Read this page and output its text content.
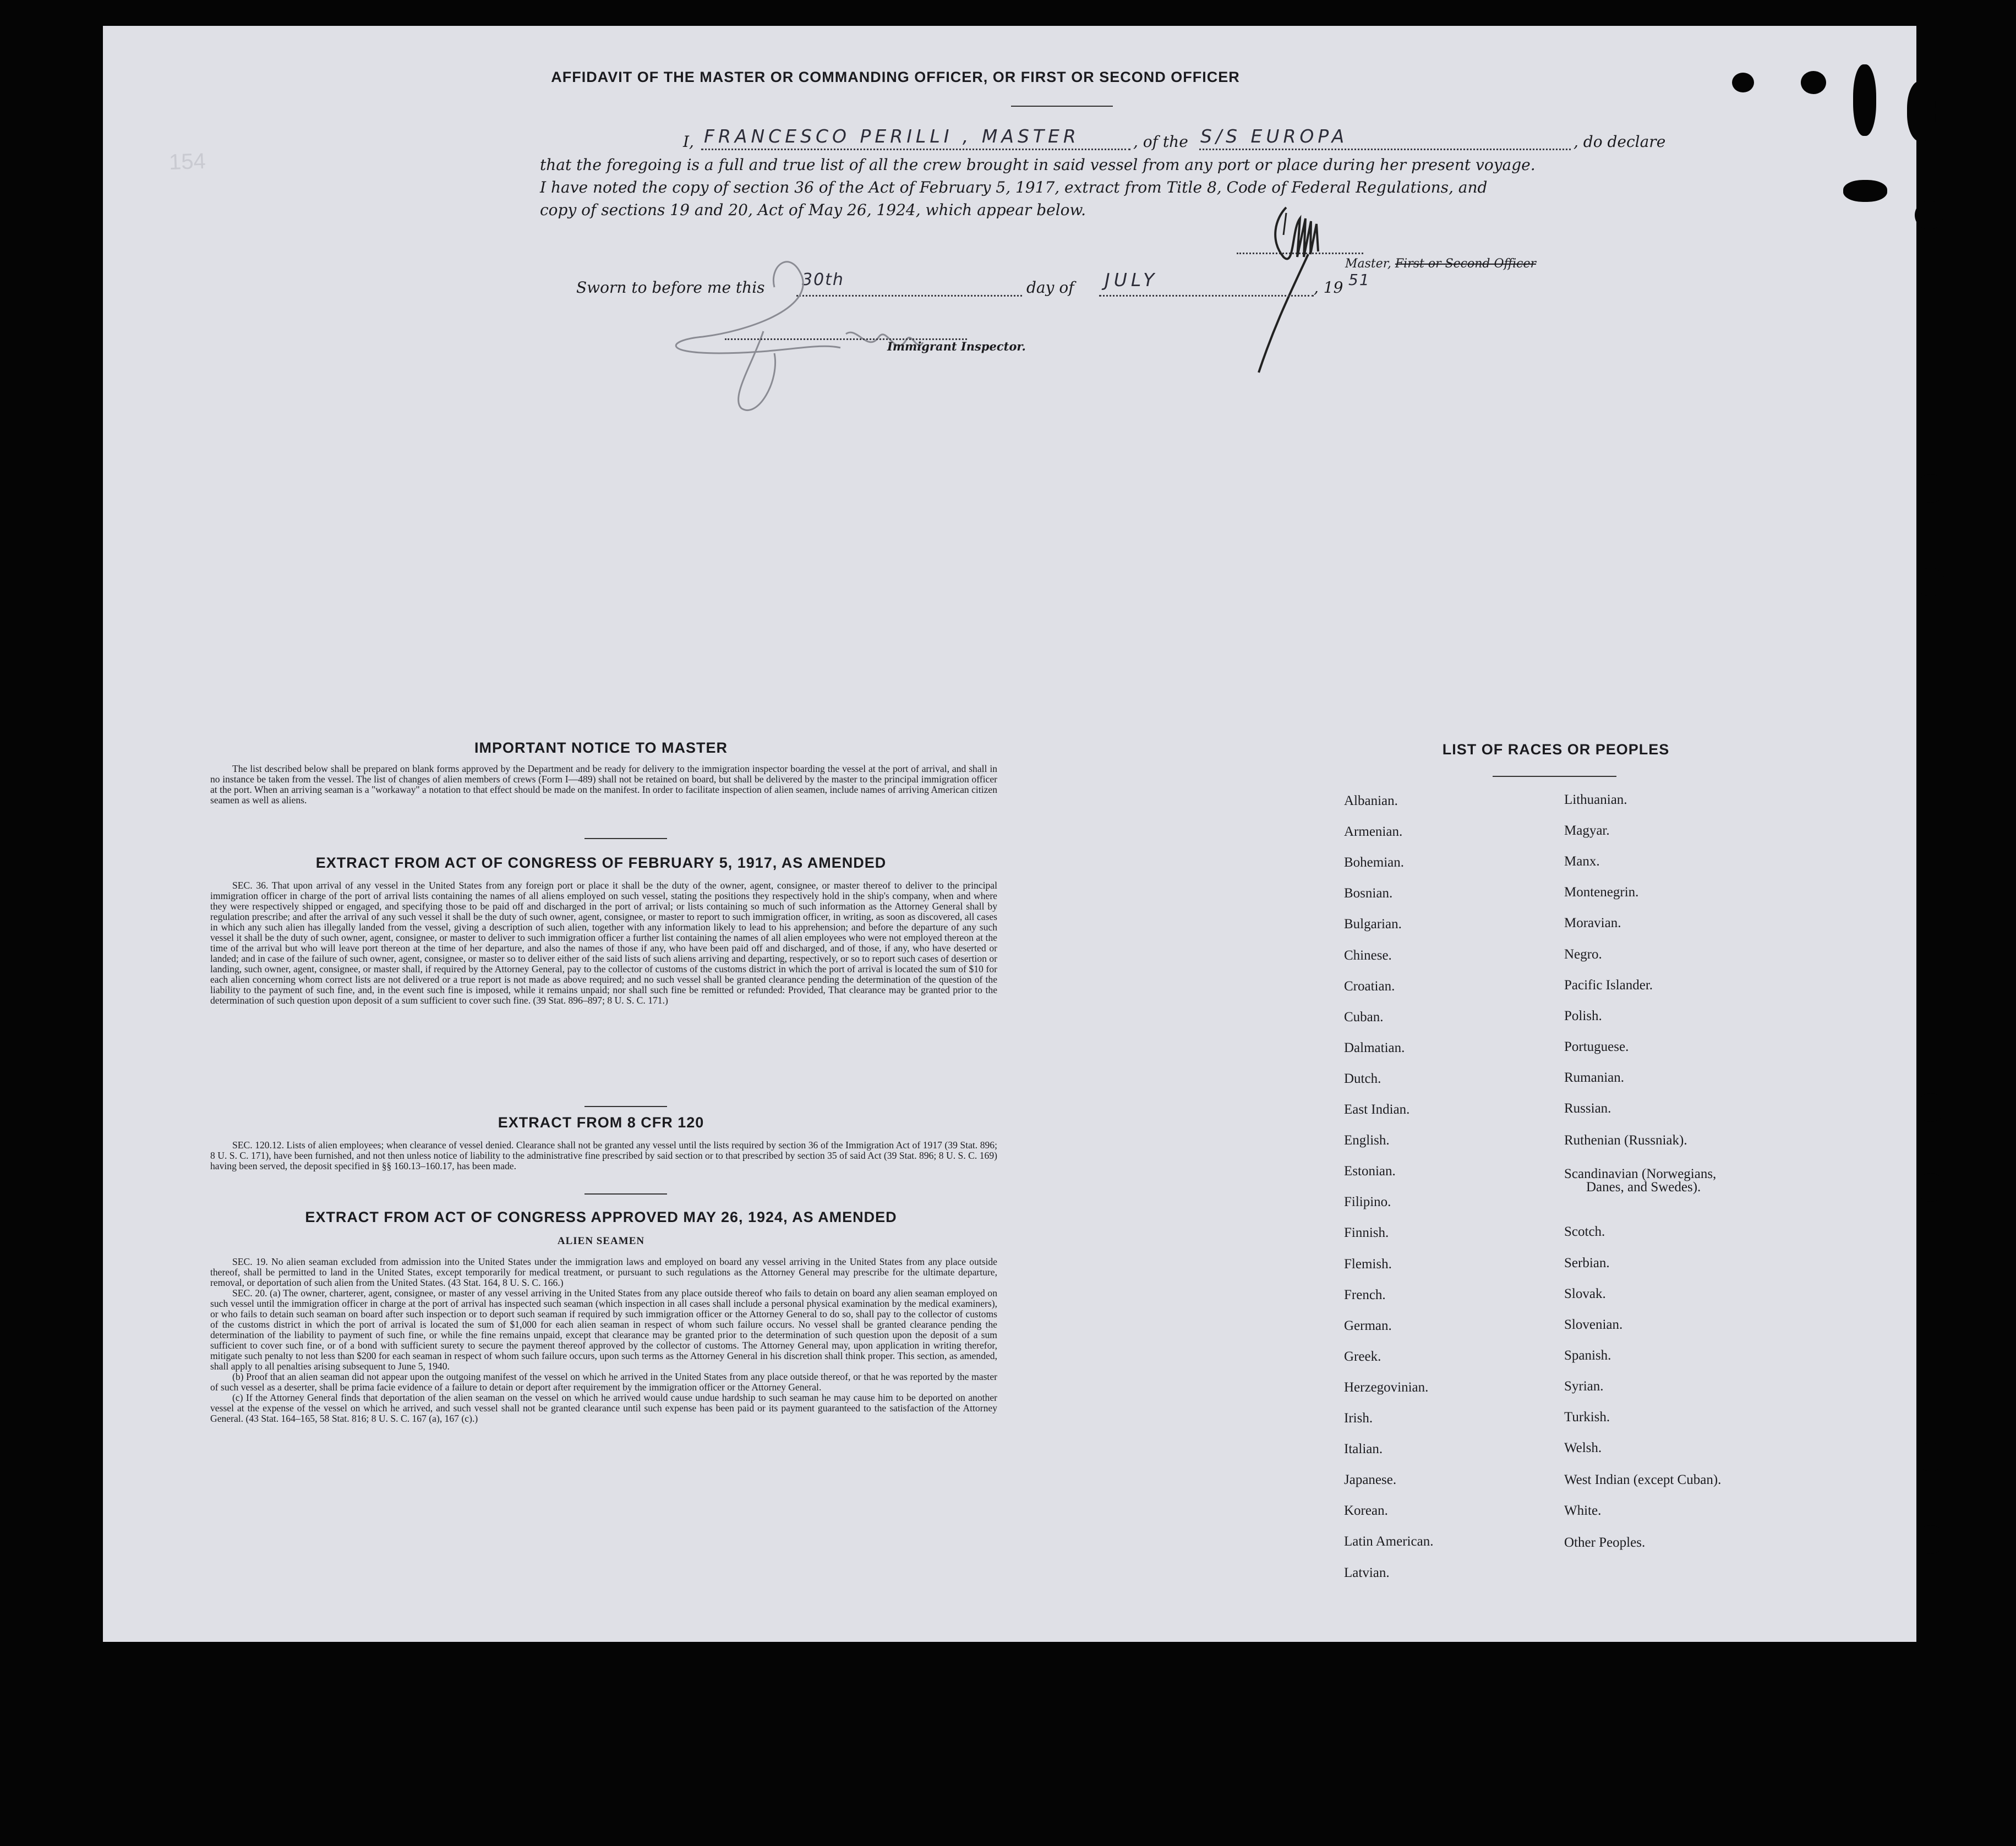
154
AFFIDAVIT OF THE MASTER OR COMMANDING OFFICER, OR FIRST OR SECOND OFFICER
I, FRANCESCO PERILLI , MASTER	, of the S/S EUROPA	, do declare
that the foregoing is a full and true list of all the crew brought in said vessel from any port or place during her present voyage.
I have noted the copy of section 36 of the Act of February 5, 1917, extract from Title 8, Code of Federal Regulations, and
copy of sections 19 and 20, Act of May 26, 1924, which appear below.
Master, First or Second Officer
Sworn to before me this 30th	day of JULY	, 19 51
Immigrant Inspector.
IMPORTANT NOTICE TO MASTER

The list described below shall be prepared on blank forms approved by the Department and be ready for delivery to the immigration inspector boarding the vessel at the port of arrival, and shall in no instance be taken from the vessel. The list of changes of alien members of crews (Form I—489) shall not be retained on board, but shall be delivered by the master to the principal immigration officer at the port. When an arriving seaman is a "workaway" a notation to that effect should be made on the manifest. In order to facilitate inspection of alien seamen, include names of arriving American citizen seamen as well as aliens.

EXTRACT FROM ACT OF CONGRESS OF FEBRUARY 5, 1917, AS AMENDED

SEC. 36. That upon arrival of any vessel in the United States from any foreign port or place it shall be the duty of the owner, agent, consignee, or master thereof to deliver to the principal immigration officer in charge of the port of arrival lists containing the names of all aliens employed on such vessel, stating the positions they respectively hold in the ship's company, when and where they were respectively shipped or engaged, and specifying those to be paid off and discharged in the port of arrival; or lists containing so much of such information as the Attorney General shall by regulation prescribe; and after the arrival of any such vessel it shall be the duty of such owner, agent, consignee, or master to report to such immigration officer, in writing, as soon as discovered, all cases in which any such alien has illegally landed from the vessel, giving a description of such alien, together with any information likely to lead to his apprehension; and before the departure of any such vessel it shall be the duty of such owner, agent, consignee, or master to deliver to such immigration officer a further list containing the names of all alien employees who were not employed thereon at the time of the arrival but who will leave port thereon at the time of her departure, and also the names of those if any, who have been paid off and discharged, and of those, if any, who have deserted or landed; and in case of the failure of such owner, agent, consignee, or master so to deliver either of the said lists of such aliens arriving and departing, respectively, or so to report such cases of desertion or landing, such owner, agent, consignee, or master shall, if required by the Attorney General, pay to the collector of customs of the customs district in which the port of arrival is located the sum of $10 for each alien concerning whom correct lists are not delivered or a true report is not made as above required; and no such vessel shall be granted clearance pending the determination of the question of the liability to the payment of such fine, and, in the event such fine is imposed, while it remains unpaid; nor shall such fine be remitted or refunded: Provided, That clearance may be granted prior to the determination of such question upon deposit of a sum sufficient to cover such fine. (39 Stat. 896–897; 8 U. S. C. 171.)

EXTRACT FROM 8 CFR 120

SEC. 120.12. Lists of alien employees; when clearance of vessel denied. Clearance shall not be granted any vessel until the lists required by section 36 of the Immigration Act of 1917 (39 Stat. 896; 8 U. S. C. 171), have been furnished, and not then unless notice of liability to the administrative fine prescribed by said section or to that prescribed by section 35 of said Act (39 Stat. 896; 8 U. S. C. 169) having been served, the deposit specified in §§ 160.13–160.17, has been made.

EXTRACT FROM ACT OF CONGRESS APPROVED MAY 26, 1924, AS AMENDED
ALIEN SEAMEN

SEC. 19. No alien seaman excluded from admission into the United States under the immigration laws and employed on board any vessel arriving in the United States from any place outside thereof, shall be permitted to land in the United States, except temporarily for medical treatment, or pursuant to such regulations as the Attorney General may prescribe for the ultimate departure, removal, or deportation of such alien from the United States. (43 Stat. 164, 8 U. S. C. 166.)

SEC. 20. (a) The owner, charterer, agent, consignee, or master of any vessel arriving in the United States from any place outside thereof who fails to detain on board any alien seaman employed on such vessel until the immigration officer in charge at the port of arrival has inspected such seaman (which inspection in all cases shall include a personal physical examination by the medical examiners), or who fails to detain such seaman on board after such inspection or to deport such seaman if required by such immigration officer or the Attorney General to do so, shall pay to the collector of customs of the customs district in which the port of arrival is located the sum of $1,000 for each alien seaman in respect of whom such failure occurs. No vessel shall be granted clearance pending the determination of the liability to payment of such fine, or while the fine remains unpaid, except that clearance may be granted prior to the determination of such question upon the deposit of a sum sufficient to cover such fine, or of a bond with sufficient surety to secure the payment thereof approved by the collector of customs. The Attorney General may, upon application in writing therefor, mitigate such penalty to not less than $200 for each seaman in respect of whom such failure occurs, upon such terms as the Attorney General in his discretion shall think proper. This section, as amended, shall apply to all penalties arising subsequent to June 5, 1940.

(b) Proof that an alien seaman did not appear upon the outgoing manifest of the vessel on which he arrived in the United States from any place outside thereof, or that he was reported by the master of such vessel as a deserter, shall be prima facie evidence of a failure to detain or deport after requirement by the immigration officer or the Attorney General.

(c) If the Attorney General finds that deportation of the alien seaman on the vessel on which he arrived would cause undue hardship to such seaman he may cause him to be deported on another vessel at the expense of the vessel on which he arrived, and such vessel shall not be granted clearance until such expense has been paid or its payment guaranteed to the satisfaction of the Attorney General. (43 Stat. 164–165, 58 Stat. 816; 8 U. S. C. 167 (a), 167 (c).)

LIST OF RACES OR PEOPLES
Albanian.
Armenian.
Bohemian.
Bosnian.
Bulgarian.
Chinese.
Croatian.
Cuban.
Dalmatian.
Dutch.
East Indian.
English.
Estonian.
Filipino.
Finnish.
Flemish.
French.
German.
Greek.
Herzegovinian.
Irish.
Italian.
Japanese.
Korean.
Latin American.
Latvian.
Lithuanian.
Magyar.
Manx.
Montenegrin.
Moravian.
Negro.
Pacific Islander.
Polish.
Portuguese.
Rumanian.
Russian.
Ruthenian (Russniak).
Scandinavian (Norwegians,
Danes, and Swedes).
Scotch.
Serbian.
Slovak.
Slovenian.
Spanish.
Syrian.
Turkish.
Welsh.
West Indian (except Cuban).
White.
Other Peoples.
